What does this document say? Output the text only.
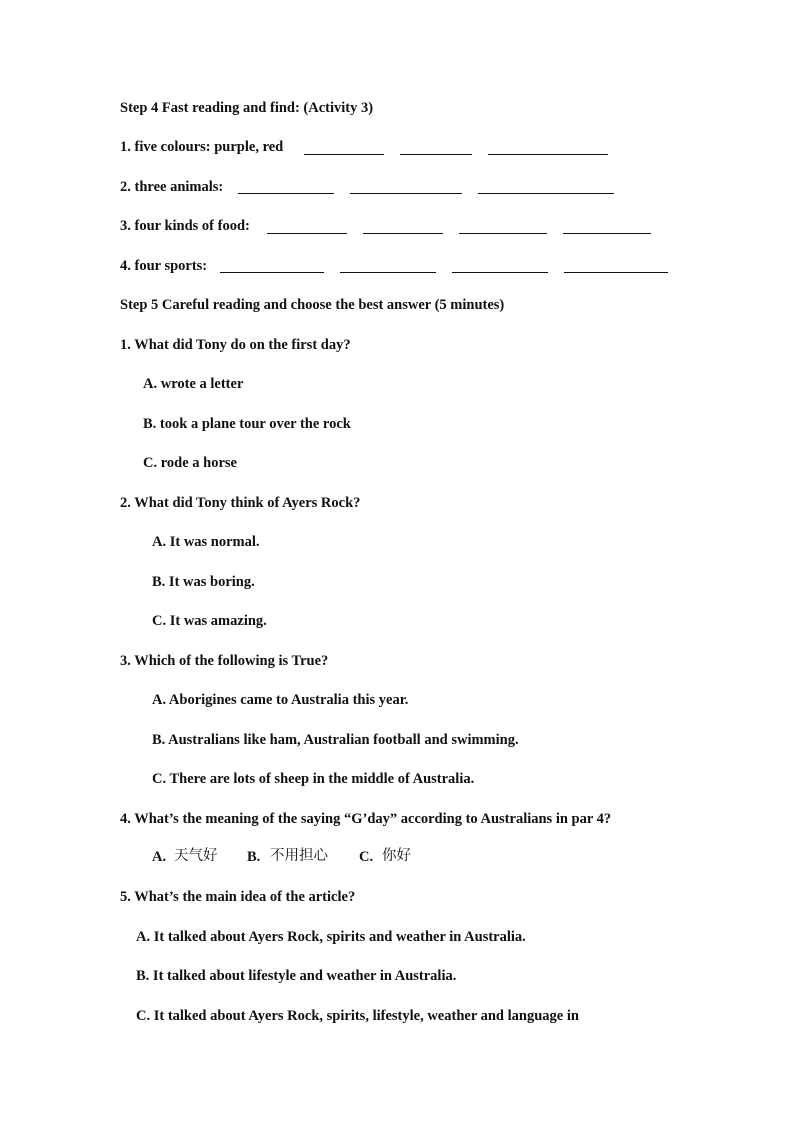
Step 4 Fast reading and find: (Activity 3)
1. five colours: purple, red
2. three animals:
3. four kinds of food:
4. four sports:
Step 5 Careful reading and choose the best answer (5 minutes)
1. What did Tony do on the first day?
A. wrote a letter
B. took a plane tour over the rock
C. rode a horse
2. What did Tony think of Ayers Rock?
A. It was normal.
B. It was boring.
C. It was amazing.
3. Which of the following is True?
A. Aborigines came to Australia this year.
B. Australians like ham, Australian football and swimming.
C. There are lots of sheep in the middle of Australia.
4. What’s the meaning of the saying “G’day” according to Australians in par 4?
A. 天气好 B. 不用担心 C. 你好
5. What’s the main idea of the article?
A. It talked about Ayers Rock, spirits and weather in Australia.
B. It talked about lifestyle and weather in Australia.
C. It talked about Ayers Rock, spirits, lifestyle, weather and language in
